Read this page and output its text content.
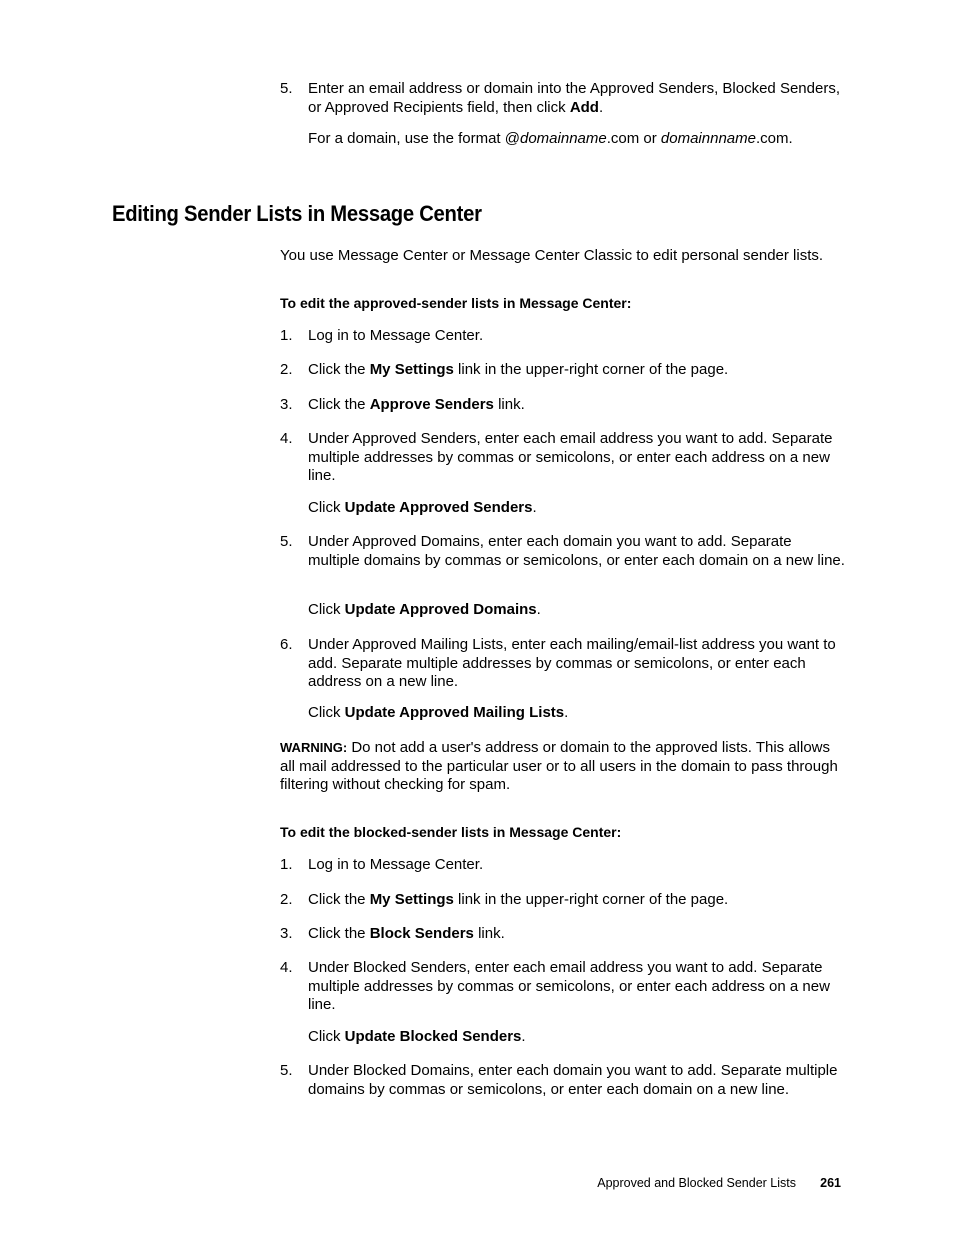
5.	Enter an email address or domain into the Approved Senders, Blocked Senders, or Approved Recipients field, then click Add.

For a domain, use the format @domainname.com or domainnname.com.

Editing Sender Lists in Message Center

You use Message Center or Message Center Classic to edit personal sender lists.

To edit the approved-sender lists in Message Center:

1.	Log in to Message Center.
2.	Click the My Settings link in the upper-right corner of the page.
3.	Click the Approve Senders link.
4.	Under Approved Senders, enter each email address you want to add. Separate multiple addresses by commas or semicolons, or enter each address on a new line.

Click Update Approved Senders.

5.	Under Approved Domains, enter each domain you want to add. Separate multiple domains by commas or semicolons, or enter each domain on a new line.

Click Update Approved Domains.

6.	Under Approved Mailing Lists, enter each mailing/email-list address you want to add. Separate multiple addresses by commas or semicolons, or enter each address on a new line.

Click Update Approved Mailing Lists.

WARNING: Do not add a user's address or domain to the approved lists. This allows all mail addressed to the particular user or to all users in the domain to pass through filtering without checking for spam.

To edit the blocked-sender lists in Message Center:

1.	Log in to Message Center.
2.	Click the My Settings link in the upper-right corner of the page.
3.	Click the Block Senders link.
4.	Under Blocked Senders, enter each email address you want to add. Separate multiple addresses by commas or semicolons, or enter each address on a new line.

Click Update Blocked Senders.

5.	Under Blocked Domains, enter each domain you want to add. Separate multiple domains by commas or semicolons, or enter each domain on a new line.
Approved and Blocked Sender Lists 261
